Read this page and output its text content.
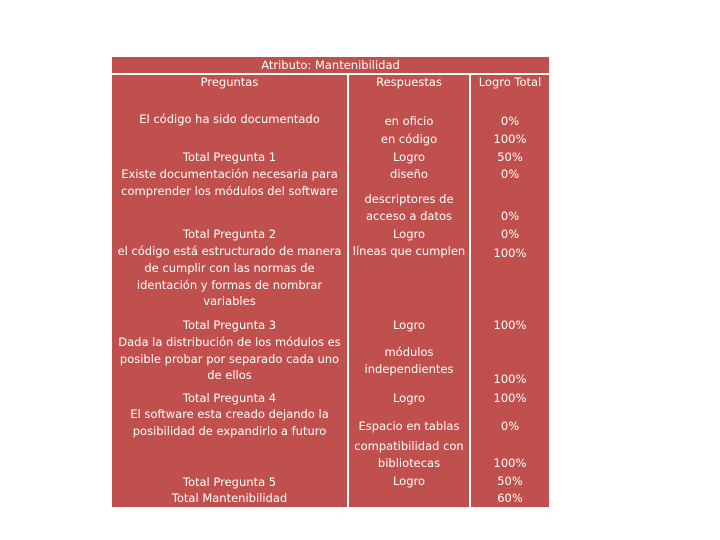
Atributo: Mantenibilidad
Preguntas	Respuestas	Logro Total
El código ha sido documentado
Total Pregunta 1
Existe documentación necesaria para
comprender los módulos del software
Total Pregunta 2
el código está estructurado de manera
de cumplir con las normas de
identación y formas de nombrar
variables
Total Pregunta 3
Dada la distribución de los módulos es
posible probar por separado cada uno
de ellos
Total Pregunta 4
El software esta creado dejando la
posibilidad de expandirlo a futuro
Total Pregunta 5
Total Mantenibilidad
en oficio
en código
Logro
diseño
descriptores de
acceso a datos
Logro
líneas que cumplen
Logro
módulos
independientes
Logro
Espacio en tablas
compatibilidad con
bibliotecas
Logro
0%
100%
50%
0%
0%
0%
100%
100%
100%
100%
0%
100%
50%
60%
